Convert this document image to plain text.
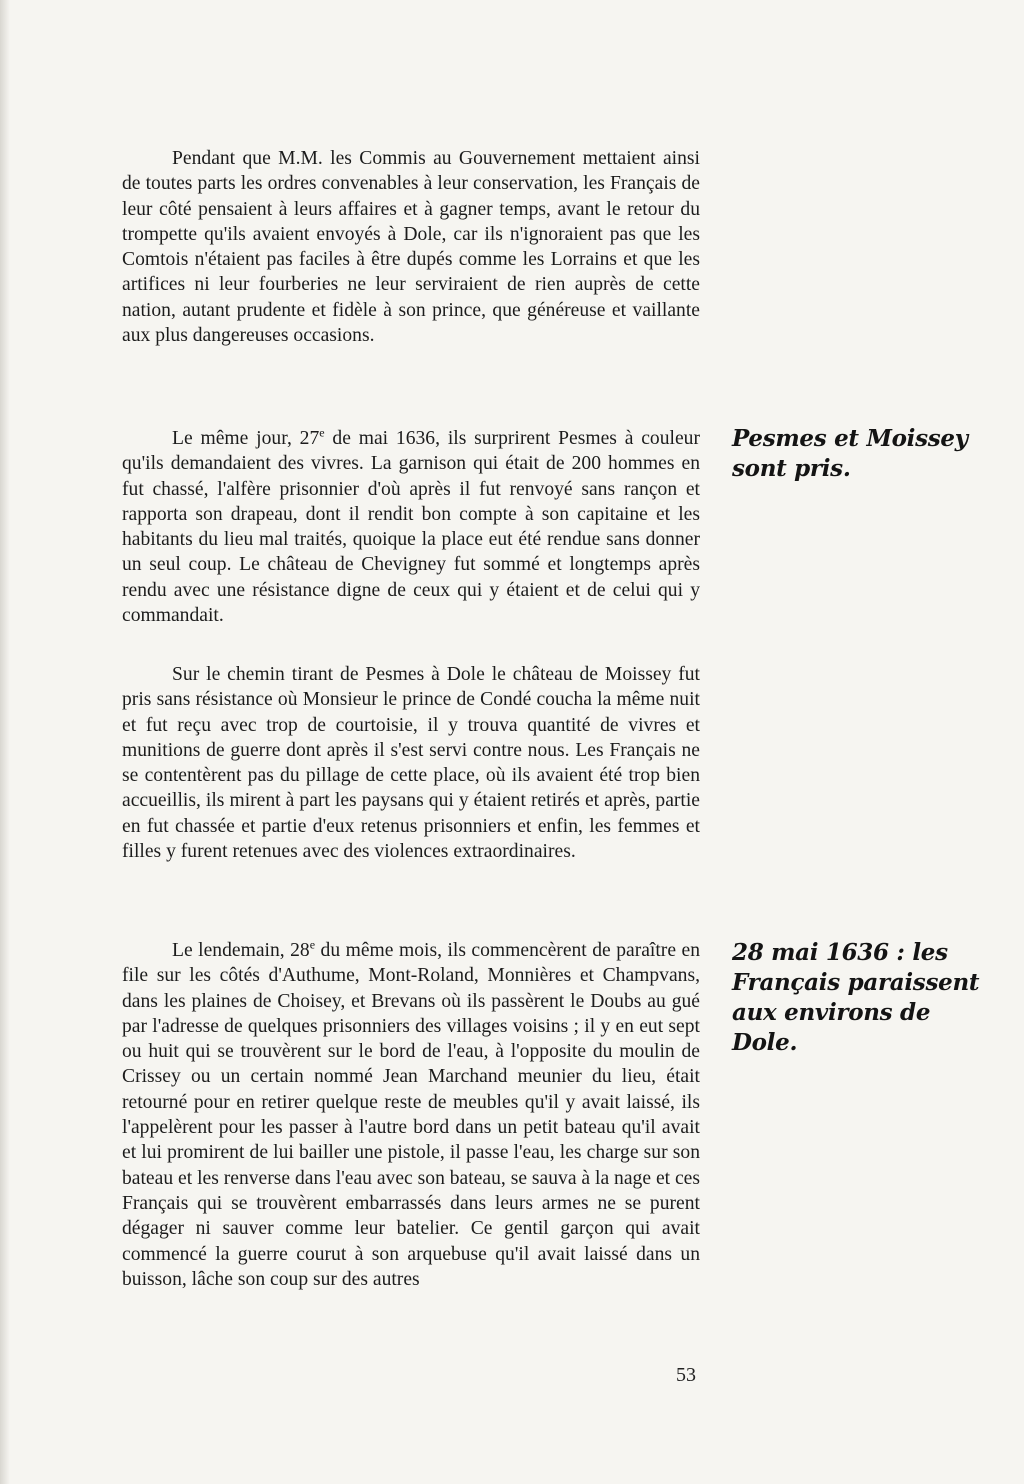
Pendant que M.M. les Commis au Gouvernement mettaient ainsi de toutes parts les ordres convenables à leur conservation, les Français de leur côté pensaient à leurs affaires et à gagner temps, avant le retour du trompette qu'ils avaient envoyés à Dole, car ils n'ignoraient pas que les Comtois n'étaient pas faciles à être dupés comme les Lorrains et que les artifices ni leur fourberies ne leur serviraient de rien auprès de cette nation, autant prudente et fidèle à son prince, que généreuse et vaillante aux plus dangereuses occasions.

Le même jour, 27e de mai 1636, ils surprirent Pesmes à couleur qu'ils demandaient des vivres. La garnison qui était de 200 hommes en fut chassé, l'alfère prisonnier d'où après il fut renvoyé sans rançon et rapporta son drapeau, dont il rendit bon compte à son capitaine et les habitants du lieu mal traités, quoique la place eut été rendue sans donner un seul coup. Le château de Chevigney fut sommé et longtemps après rendu avec une résistance digne de ceux qui y étaient et de celui qui y commandait.

Sur le chemin tirant de Pesmes à Dole le château de Moissey fut pris sans résistance où Monsieur le prince de Condé coucha la même nuit et fut reçu avec trop de courtoisie, il y trouva quantité de vivres et munitions de guerre dont après il s'est servi contre nous. Les Français ne se contentèrent pas du pillage de cette place, où ils avaient été trop bien accueillis, ils mirent à part les paysans qui y étaient retirés et après, partie en fut chassée et partie d'eux retenus prisonniers et enfin, les femmes et filles y furent retenues avec des violences extraordinaires.

Le lendemain, 28e du même mois, ils commencèrent de paraître en file sur les côtés d'Authume, Mont-Roland, Monnières et Champvans, dans les plaines de Choisey, et Brevans où ils passèrent le Doubs au gué par l'adresse de quelques prisonniers des villages voisins ; il y en eut sept ou huit qui se trouvèrent sur le bord de l'eau, à l'opposite du moulin de Crissey ou un certain nommé Jean Marchand meunier du lieu, était retourné pour en retirer quelque reste de meubles qu'il y avait laissé, ils l'appelèrent pour les passer à l'autre bord dans un petit bateau qu'il avait et lui promirent de lui bailler une pistole, il passe l'eau, les charge sur son bateau et les renverse dans l'eau avec son bateau, se sauva à la nage et ces Français qui se trouvèrent embarrassés dans leurs armes ne se purent dégager ni sauver comme leur batelier. Ce gentil garçon qui avait commencé la guerre courut à son arquebuse qu'il avait laissé dans un buisson, lâche son coup sur des autres

Pesmes et Moissey sont pris.
28 mai 1636 : les Français paraissent aux environs de Dole.
53
